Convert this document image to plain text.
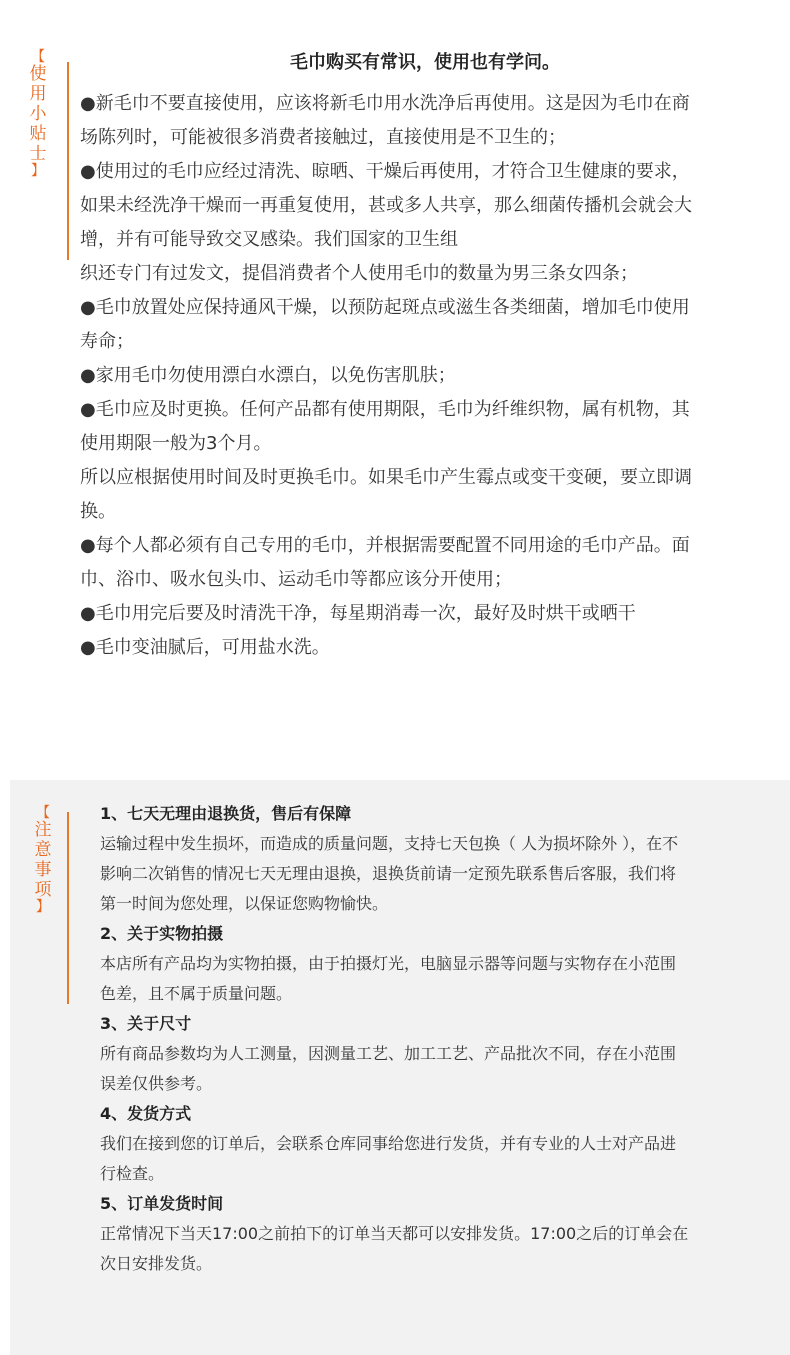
【
使
用
小
贴
士
】
毛巾购买有常识，使用也有学问。

●新毛巾不要直接使用，应该将新毛巾用水洗净后再使用。这是因为毛巾在商

场陈列时，可能被很多消费者接触过，直接使用是不卫生的；

●使用过的毛巾应经过清洗、晾晒、干燥后再使用，才符合卫生健康的要求，

如果未经洗净干燥而一再重复使用，甚或多人共享，那么细菌传播机会就会大

增，并有可能导致交叉感染。我们国家的卫生组

织还专门有过发文，提倡消费者个人使用毛巾的数量为男三条女四条；

●毛巾放置处应保持通风干燥，以预防起斑点或滋生各类细菌，增加毛巾使用

寿命；

●家用毛巾勿使用漂白水漂白，以免伤害肌肤；

●毛巾应及时更换。任何产品都有使用期限，毛巾为纤维织物，属有机物，其

使用期限一般为3个月。

所以应根据使用时间及时更换毛巾。如果毛巾产生霉点或变干变硬，要立即调

换。

●每个人都必须有自己专用的毛巾，并根据需要配置不同用途的毛巾产品。面

巾、浴巾、吸水包头巾、运动毛巾等都应该分开使用；

●毛巾用完后要及时清洗干净，每星期消毒一次，最好及时烘干或晒干

●毛巾变油腻后，可用盐水洗。

【
注
意
事
项
】
1、七天无理由退换货，售后有保障

运输过程中发生损坏，而造成的质量问题，支持七天包换（ 人为损坏除外 ），在不

影响二次销售的情况七天无理由退换，退换货前请一定预先联系售后客服，我们将

第一时间为您处理，以保证您购物愉快。

2、关于实物拍摄

本店所有产品均为实物拍摄，由于拍摄灯光，电脑显示器等问题与实物存在小范围

色差，且不属于质量问题。

3、关于尺寸

所有商品参数均为人工测量，因测量工艺、加工工艺、产品批次不同，存在小范围

误差仅供参考。

4、发货方式

我们在接到您的订单后，会联系仓库同事给您进行发货，并有专业的人士对产品进

行检查。

5、订单发货时间

正常情况下当天17:00之前拍下的订单当天都可以安排发货。17:00之后的订单会在

次日安排发货。
